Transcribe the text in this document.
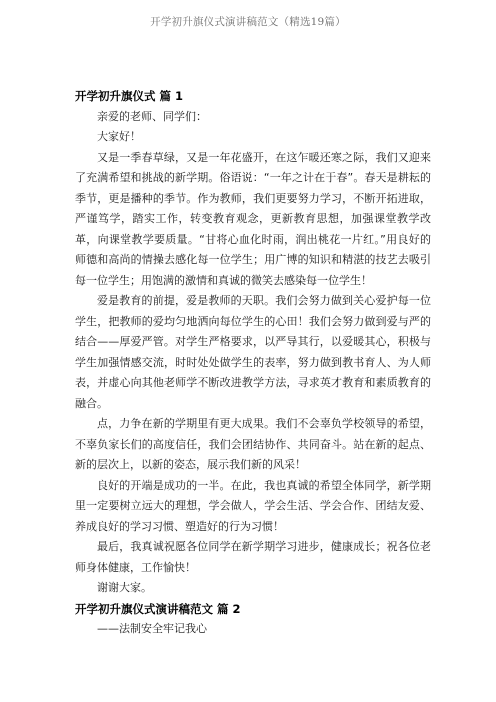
开学初升旗仪式演讲稿范文（精选19篇）
开学初升旗仪式 篇 1
亲爱的老师、同学们：
大家好！
又是一季春草绿，又是一年花盛开，在这乍暖还寒之际，我们又迎来了充满希望和挑战的新学期。俗语说：“一年之计在于春”。春天是耕耘的季节，更是播种的季节。作为教师，我们更要努力学习，不断开拓进取，严谨笃学，踏实工作，转变教育观念，更新教育思想，加强课堂教学改革，向课堂教学要质量。“甘将心血化时雨，润出桃花一片红。”用良好的师德和高尚的情操去感化每一位学生；用广博的知识和精湛的技艺去吸引每一位学生；用饱满的激情和真诚的微笑去感染每一位学生！
爱是教育的前提，爱是教师的天职。我们会努力做到关心爱护每一位学生，把教师的爱均匀地洒向每位学生的心田！我们会努力做到爱与严的结合——厚爱严管。对学生严格要求，以严导其行，以爱暖其心，积极与学生加强情感交流，时时处处做学生的表率，努力做到教书育人、为人师表，并虚心向其他老师学不断改进教学方法，寻求英才教育和素质教育的融合。
点，力争在新的学期里有更大成果。我们不会辜负学校领导的希望，不辜负家长们的高度信任，我们会团结协作、共同奋斗。站在新的起点、新的层次上，以新的姿态，展示我们新的风采！
良好的开端是成功的一半。在此，我也真诚的希望全体同学，新学期里一定要树立远大的理想，学会做人，学会生活、学会合作、团结友爱、养成良好的学习习惯、塑造好的行为习惯！
最后，我真诚祝愿各位同学在新学期学习进步，健康成长；祝各位老师身体健康，工作愉快！
谢谢大家。
开学初升旗仪式演讲稿范文 篇 2
——法制安全牢记我心
